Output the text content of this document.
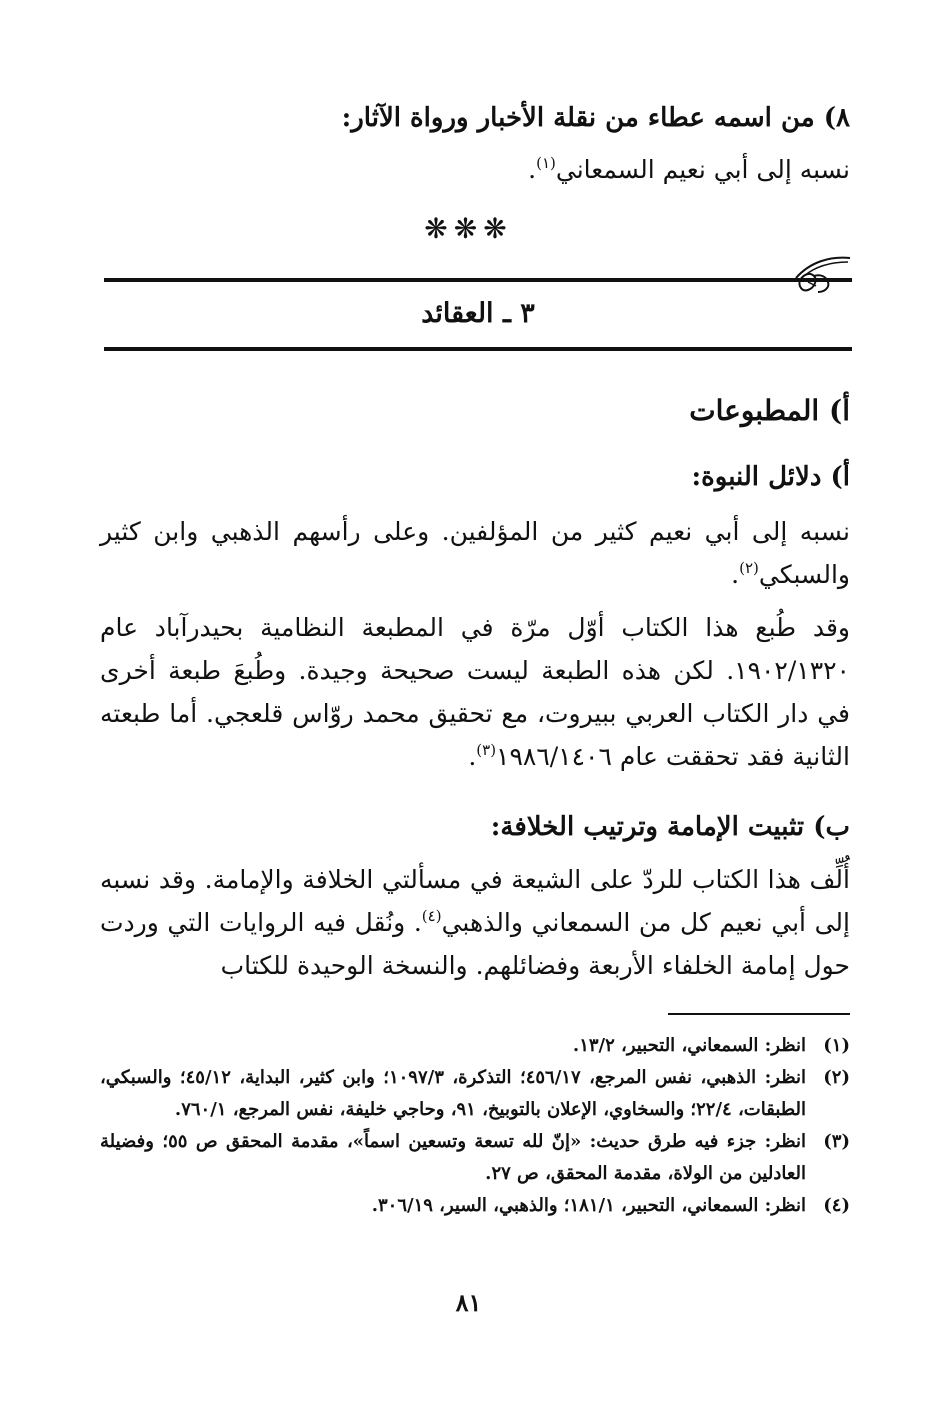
٨) من اسمه عطاء من نقلة الأخبار ورواة الآثار:
نسبه إلى أبي نعيم السمعاني$^{(١)}$.
❋❋❋
٣ ـ العقائد
أ) المطبوعات
أ) دلائل النبوة:
نسبه إلى أبي نعيم كثير من المؤلفين. وعلى رأسهم الذهبي وابن كثير والسبكي$^{(٢)}$.
وقد طُبع هذا الكتاب أوّل مرّة في المطبعة النظامية بحيدرآباد عام ١٩٠٢/١٣٢٠. لكن هذه الطبعة ليست صحيحة وجيدة. وطُبعَ طبعة أخرى في دار الكتاب العربي ببيروت، مع تحقيق محمد روّاس قلعجي. أما طبعته الثانية فقد تحققت عام ١٩٨٦/١٤٠٦$^{(٣)}$.
ب) تثبيت الإمامة وترتيب الخلافة:
أُلِّف هذا الكتاب للردّ على الشيعة في مسألتي الخلافة والإمامة. وقد نسبه إلى أبي نعيم كل من السمعاني والذهبي$^{(٤)}$. ونُقل فيه الروايات التي وردت حول إمامة الخلفاء الأربعة وفضائلهم. والنسخة الوحيدة للكتاب
(١)
انظر: السمعاني، التحبير، ١٣/٢.
(٢)
انظر: الذهبي، نفس المرجع، ٤٥٦/١٧؛ التذكرة، ١٠٩٧/٣؛ وابن كثير، البداية، ٤٥/١٢؛ والسبكي، الطبقات، ٢٢/٤؛ والسخاوي، الإعلان بالتوبيخ، ٩١، وحاجي خليفة، نفس المرجع، ٧٦٠/١.
(٣)
انظر: جزء فيه طرق حديث: «إنّ لله تسعة وتسعين اسماً»، مقدمة المحقق ص ٥٥؛ وفضيلة العادلين من الولاة، مقدمة المحقق، ص ٢٧.
(٤)
انظر: السمعاني، التحبير، ١٨١/١؛ والذهبي، السير، ٣٠٦/١٩.
٨١
